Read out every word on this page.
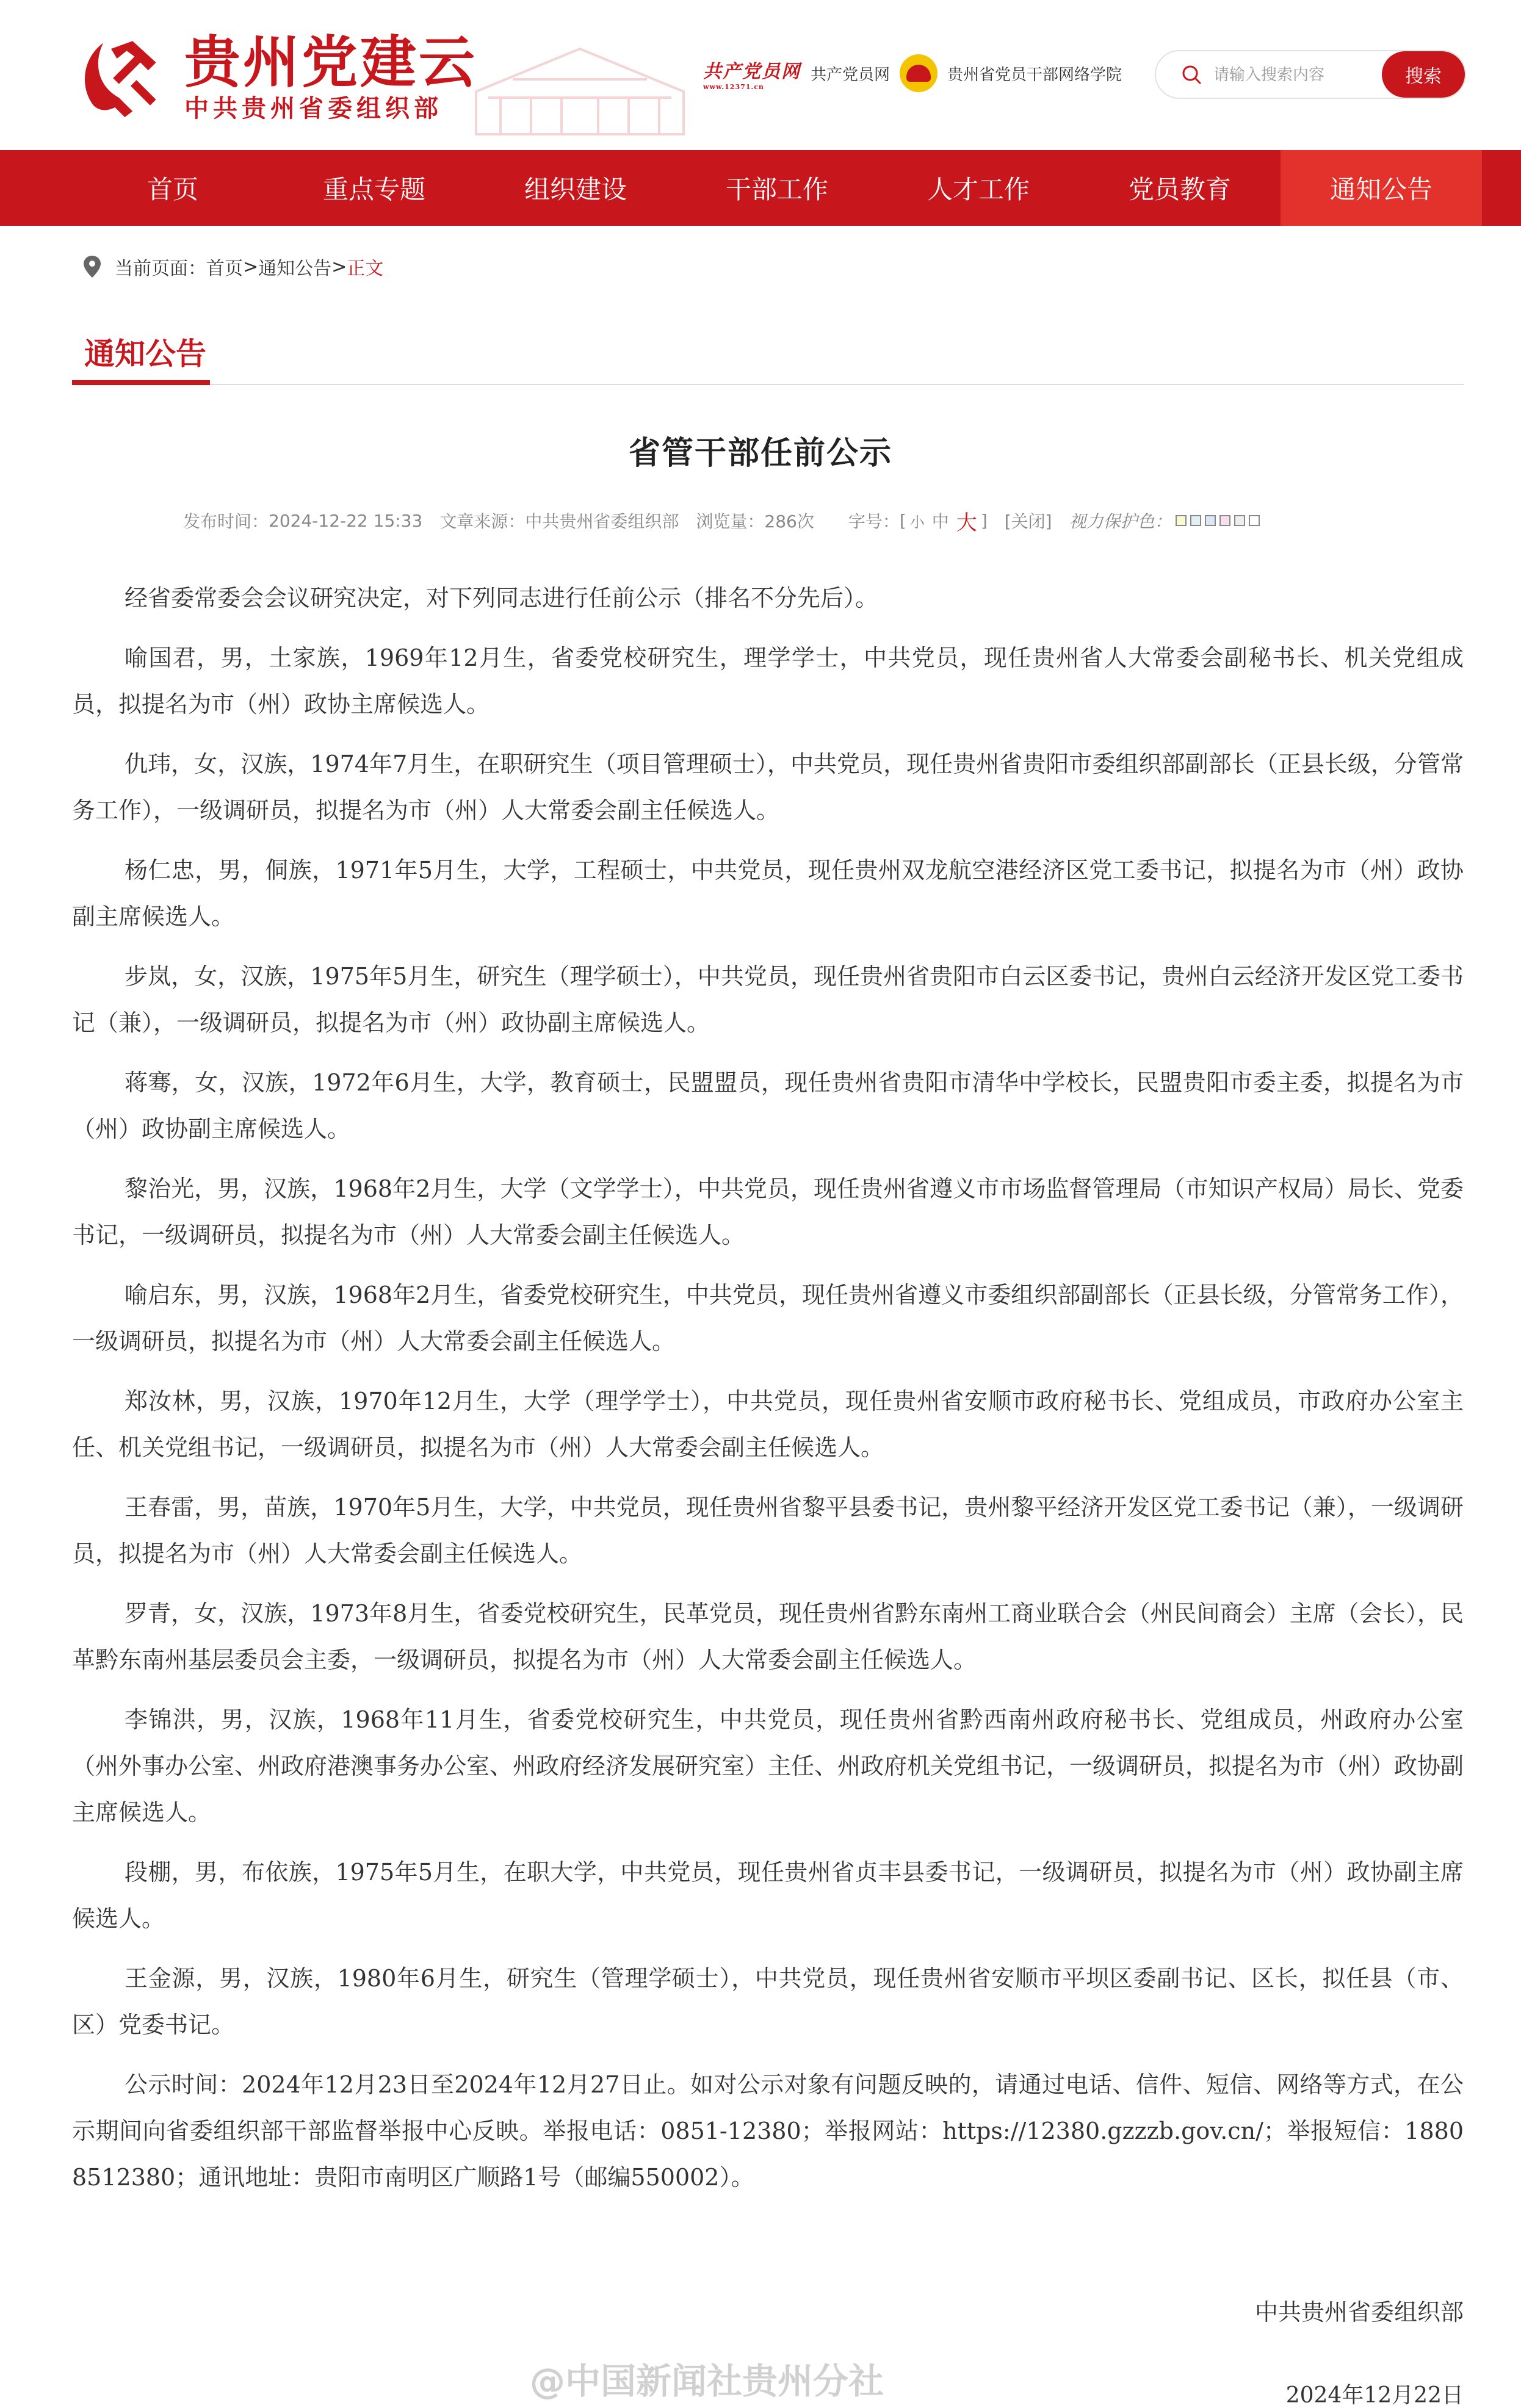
贵州党建云
中共贵州省委组织部
共产党员网
www.12371.cn
共产党员网	贵州省党员干部网络学院
请输入搜索内容	搜索
首页	重点专题	组织建设	干部工作	人才工作	党员教育	通知公告
当前页面： 首页 > 通知公告 > 正文
通知公告
省管干部任前公示
发布时间： 2024-12-22 15:33 文章来源： 中共贵州省委组织部 浏览量： 286次 字号： [ 小 中 大 ] [关闭] 视力保护色：

经省委常委会会议研究决定，对下列同志进行任前公示（排名不分先后）。

喻国君，男，土家族，1969年12月生，省委党校研究生，理学学士，中共党员，现任贵州省人大常委会副秘书长、机关党组成员，拟提名为市（州）政协主席候选人。

仇玮，女，汉族，1974年7月生，在职研究生（项目管理硕士），中共党员，现任贵州省贵阳市委组织部副部长（正县长级，分管常务工作），一级调研员，拟提名为市（州）人大常委会副主任候选人。

杨仁忠，男，侗族，1971年5月生，大学，工程硕士，中共党员，现任贵州双龙航空港经济区党工委书记，拟提名为市（州）政协副主席候选人。

步岚，女，汉族，1975年5月生，研究生（理学硕士），中共党员，现任贵州省贵阳市白云区委书记，贵州白云经济开发区党工委书记（兼），一级调研员，拟提名为市（州）政协副主席候选人。

蒋骞，女，汉族，1972年6月生，大学，教育硕士，民盟盟员，现任贵州省贵阳市清华中学校长，民盟贵阳市委主委，拟提名为市（州）政协副主席候选人。

黎治光，男，汉族，1968年2月生，大学（文学学士），中共党员，现任贵州省遵义市市场监督管理局（市知识产权局）局长、党委书记，一级调研员，拟提名为市（州）人大常委会副主任候选人。

喻启东，男，汉族，1968年2月生，省委党校研究生，中共党员，现任贵州省遵义市委组织部副部长（正县长级，分管常务工作），一级调研员，拟提名为市（州）人大常委会副主任候选人。

郑汝林，男，汉族，1970年12月生，大学（理学学士），中共党员，现任贵州省安顺市政府秘书长、党组成员，市政府办公室主任、机关党组书记，一级调研员，拟提名为市（州）人大常委会副主任候选人。

王春雷，男，苗族，1970年5月生，大学，中共党员，现任贵州省黎平县委书记，贵州黎平经济开发区党工委书记（兼），一级调研员，拟提名为市（州）人大常委会副主任候选人。

罗青，女，汉族，1973年8月生，省委党校研究生，民革党员，现任贵州省黔东南州工商业联合会（州民间商会）主席（会长），民革黔东南州基层委员会主委，一级调研员，拟提名为市（州）人大常委会副主任候选人。

李锦洪，男，汉族，1968年11月生，省委党校研究生，中共党员，现任贵州省黔西南州政府秘书长、党组成员，州政府办公室（州外事办公室、州政府港澳事务办公室、州政府经济发展研究室）主任、州政府机关党组书记，一级调研员，拟提名为市（州）政协副主席候选人。

段棚，男，布依族，1975年5月生，在职大学，中共党员，现任贵州省贞丰县委书记，一级调研员，拟提名为市（州）政协副主席候选人。

王金源，男，汉族，1980年6月生，研究生（管理学硕士），中共党员，现任贵州省安顺市平坝区委副书记、区长，拟任县（市、区）党委书记。

公示时间：2024年12月23日至2024年12月27日止。如对公示对象有问题反映的，请通过电话、信件、短信、网络等方式，在公示期间向省委组织部干部监督举报中心反映。举报电话：0851-12380；举报网站：https://12380.gzzzb.gov.cn/；举报短信：18808512380；通讯地址：贵阳市南明区广顺路1号（邮编550002）。

中共贵州省委组织部
@中国新闻社贵州分社	2024年12月22日
